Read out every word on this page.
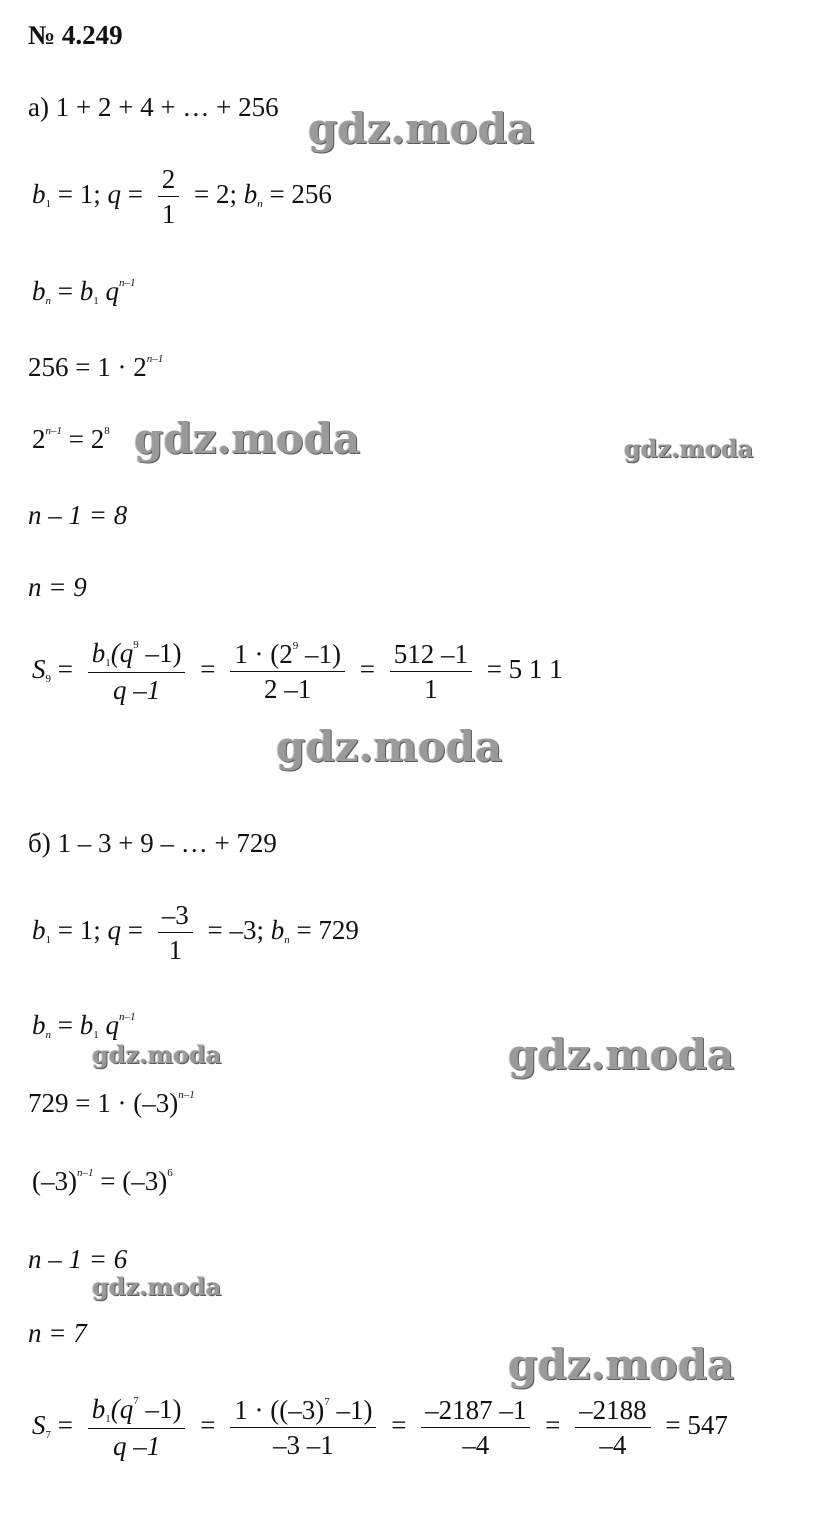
№ 4.249
а) 1 + 2 + 4 + … + 256
$b_1 = 1$; $q = \frac{2}{1} = 2$; $b_n = 256$
$b_n = b_1$ $q^{n-1}$
$256 = 1 \cdot 2^{n-1}$
$2^{n-1} = 2^8$
n – 1 = 8
n = 9
$S_9 = \frac{b_1(q^9 -1)}{q -1} = \frac{1 \cdot (2^9 -1)}{2 -1} = \frac{512 -1}{1} = 5$ 1 1
б) 1 – 3 + 9 – … + 729
$b_1 = 1$; $q = \frac{-3}{1} = -3$; $b_n = 729$
$b_n = b_1$ $q^{n-1}$
$729 = 1 \cdot (-3)^{n-1}$
$(-3)^{n-1} = (-3)^6$
n – 1 = 6
n = 7
$S_7 = \frac{b_1(q^7 -1)}{q -1} = \frac{1 \cdot ((-3)^7 -1)}{-3 -1} = \frac{-2187 -1}{-4} = \frac{-2188}{-4} = 547$
gdz.moda
gdz.moda	gdz.moda
gdz.moda
gdz.moda	gdz.moda
gdz.moda
gdz.moda
